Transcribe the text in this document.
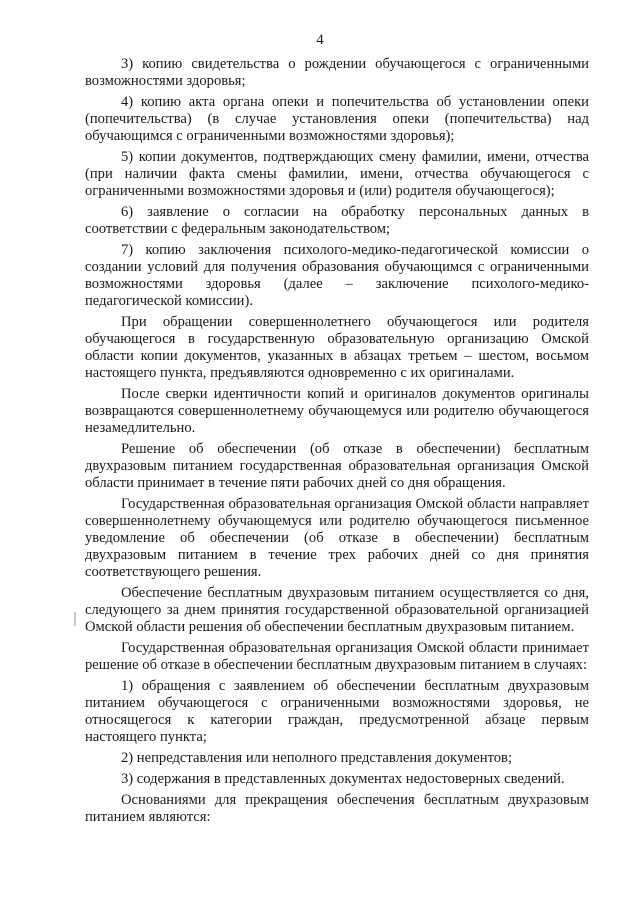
4

3) копию свидетельства о рождении обучающегося с ограниченными возможностями здоровья;

4) копию акта органа опеки и попечительства об установлении опеки (попечительства) (в случае установления опеки (попечительства) над обучающимся с ограниченными возможностями здоровья);

5) копии документов, подтверждающих смену фамилии, имени, отчества (при наличии факта смены фамилии, имени, отчества обучающегося с ограниченными возможностями здоровья и (или) родителя обучающегося);

6) заявление о согласии на обработку персональных данных в соответствии с федеральным законодательством;

7) копию заключения психолого-медико-педагогической комиссии о создании условий для получения образования обучающимся с ограниченными возможностями здоровья (далее – заключение психолого-медико-педагогической комиссии).

При обращении совершеннолетнего обучающегося или родителя обучающегося в государственную образовательную организацию Омской области копии документов, указанных в абзацах третьем – шестом, восьмом настоящего пункта, предъявляются одновременно с их оригиналами.

После сверки идентичности копий и оригиналов документов оригиналы возвращаются совершеннолетнему обучающемуся или родителю обучающегося незамедлительно.

Решение об обеспечении (об отказе в обеспечении) бесплатным двухразовым питанием государственная образовательная организация Омской области принимает в течение пяти рабочих дней со дня обращения.

Государственная образовательная организация Омской области направляет совершеннолетнему обучающемуся или родителю обучающегося письменное уведомление об обеспечении (об отказе в обеспечении) бесплатным двухразовым питанием в течение трех рабочих дней со дня принятия соответствующего решения.

Обеспечение бесплатным двухразовым питанием осуществляется со дня, следующего за днем принятия государственной образовательной организацией Омской области решения об обеспечении бесплатным двухразовым питанием.

Государственная образовательная организация Омской области принимает решение об отказе в обеспечении бесплатным двухразовым питанием в случаях:

1) обращения с заявлением об обеспечении бесплатным двухразовым питанием обучающегося с ограниченными возможностями здоровья, не относящегося к категории граждан, предусмотренной абзаце первым настоящего пункта;

2) непредставления или неполного представления документов;

3) содержания в представленных документах недостоверных сведений.

Основаниями для прекращения обеспечения бесплатным двухразовым питанием являются:
